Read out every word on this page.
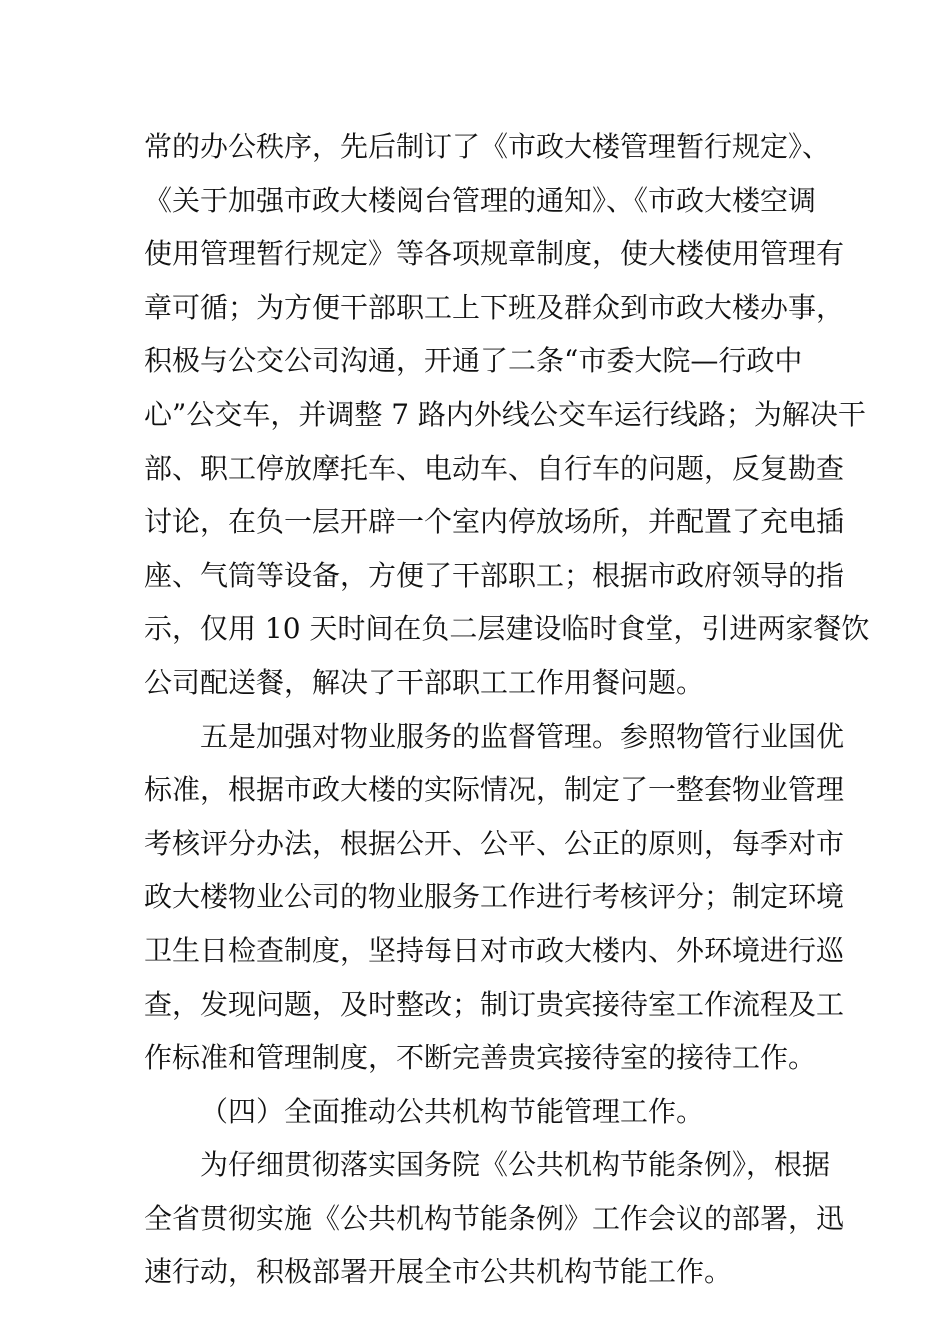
常的办公秩序，先后制订了《市政大楼管理暂行规定》、
《关于加强市政大楼阅台管理的通知》、《市政大楼空调
使用管理暂行规定》等各项规章制度，使大楼使用管理有
章可循；为方便干部职工上下班及群众到市政大楼办事，
积极与公交公司沟通，开通了二条“市委大院—行政中
心”公交车，并调整 7 路内外线公交车运行线路；为解决干
部、职工停放摩托车、电动车、自行车的问题，反复勘查
讨论，在负一层开辟一个室内停放场所，并配置了充电插
座、气筒等设备，方便了干部职工；根据市政府领导的指
示，仅用 10 天时间在负二层建设临时食堂，引进两家餐饮
公司配送餐，解决了干部职工工作用餐问题。
五是加强对物业服务的监督管理。参照物管行业国优
标准，根据市政大楼的实际情况，制定了一整套物业管理
考核评分办法，根据公开、公平、公正的原则，每季对市
政大楼物业公司的物业服务工作进行考核评分；制定环境
卫生日检查制度，坚持每日对市政大楼内、外环境进行巡
查，发现问题，及时整改；制订贵宾接待室工作流程及工
作标准和管理制度，不断完善贵宾接待室的接待工作。
（四）全面推动公共机构节能管理工作。
为仔细贯彻落实国务院《公共机构节能条例》，根据
全省贯彻实施《公共机构节能条例》工作会议的部署，迅
速行动，积极部署开展全市公共机构节能工作。
